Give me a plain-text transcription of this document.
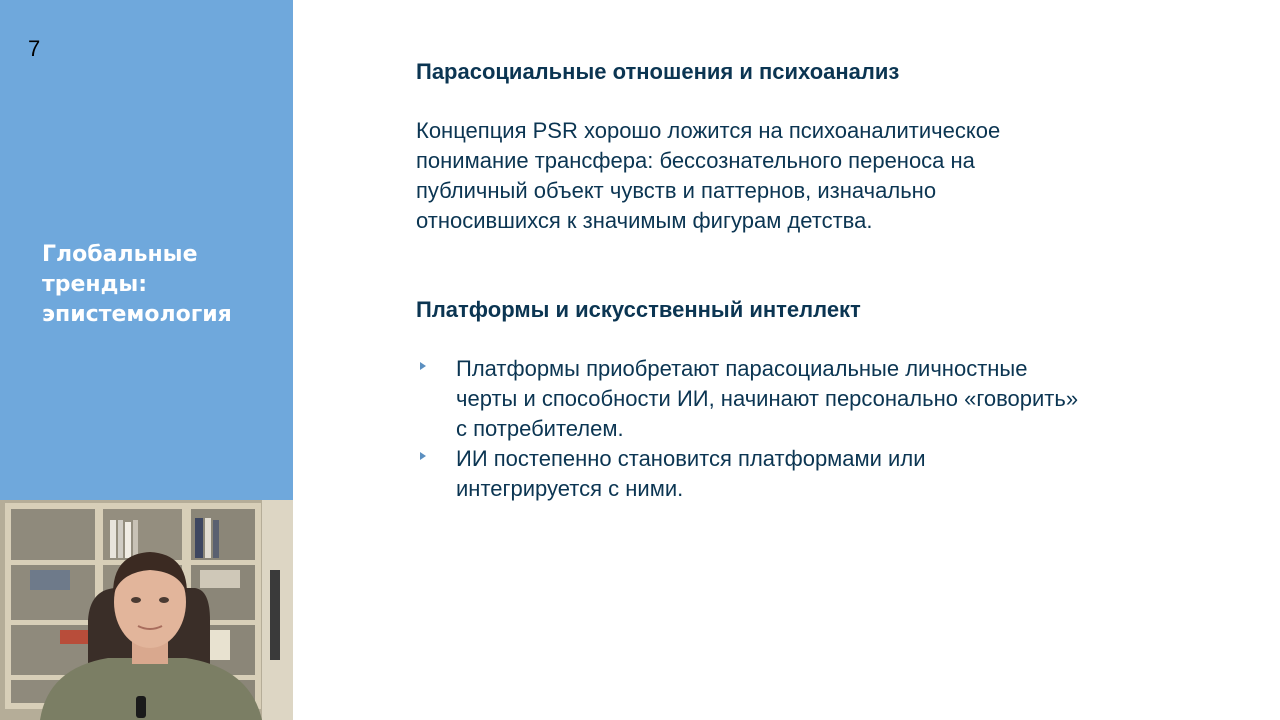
7
Глобальные
тренды:
эпистемология
Парасоциальные отношения и психоанализ

Концепция PSR хорошо ложится на психоаналитическое
понимание трансфера: бессознательного переноса на
публичный объект чувств и паттернов, изначально
относившихся к значимым фигурам детства.

Платформы и искусственный интеллект
Платформы приобретают парасоциальные личностные
черты и способности ИИ, начинают персонально «говорить»
с потребителем.
ИИ постепенно становится платформами или
интегрируется с ними.
